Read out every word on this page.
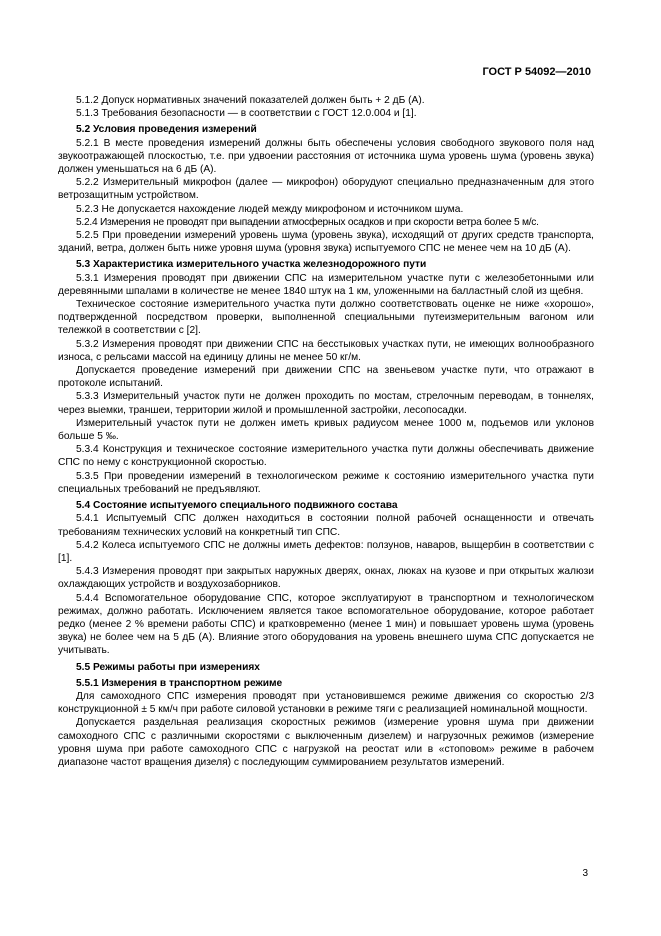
ГОСТ Р 54092—2010

5.1.2 Допуск нормативных значений показателей должен быть + 2 дБ (А).

5.1.3 Требования безопасности — в соответствии с ГОСТ 12.0.004 и [1].

5.2 Условия проведения измерений

5.2.1 В месте проведения измерений должны быть обеспечены условия свободного звукового поля над звукоотражающей плоскостью, т.е. при удвоении расстояния от источника шума уровень шума (уровень звука) должен уменьшаться на 6 дБ (А).

5.2.2 Измерительный микрофон (далее — микрофон) оборудуют специально предназначенным для этого ветрозащитным устройством.

5.2.3 Не допускается нахождение людей между микрофоном и источником шума.

5.2.4 Измерения не проводят при выпадении атмосферных осадков и при скорости ветра более 5 м/с.

5.2.5 При проведении измерений уровень шума (уровень звука), исходящий от других средств транспорта, зданий, ветра, должен быть ниже уровня шума (уровня звука) испытуемого СПС не менее чем на 10 дБ (А).

5.3 Характеристика измерительного участка железнодорожного пути

5.3.1 Измерения проводят при движении СПС на измерительном участке пути с железобетонными или деревянными шпалами в количестве не менее 1840 штук на 1 км, уложенными на балластный слой из щебня.

Техническое состояние измерительного участка пути должно соответствовать оценке не ниже «хорошо», подтвержденной посредством проверки, выполненной специальными путеизмерительным вагоном или тележкой в соответствии с [2].

5.3.2 Измерения проводят при движении СПС на бесстыковых участках пути, не имеющих волнообразного износа, с рельсами массой на единицу длины не менее 50 кг/м.

Допускается проведение измерений при движении СПС на звеньевом участке пути, что отражают в протоколе испытаний.

5.3.3 Измерительный участок пути не должен проходить по мостам, стрелочным переводам, в тоннелях, через выемки, траншеи, территории жилой и промышленной застройки, лесопосадки.

Измерительный участок пути не должен иметь кривых радиусом менее 1000 м, подъемов или уклонов больше 5 ‰.

5.3.4 Конструкция и техническое состояние измерительного участка пути должны обеспечивать движение СПС по нему с конструкционной скоростью.

5.3.5 При проведении измерений в технологическом режиме к состоянию измерительного участка пути специальных требований не предъявляют.

5.4 Состояние испытуемого специального подвижного состава

5.4.1 Испытуемый СПС должен находиться в состоянии полной рабочей оснащенности и отвечать требованиям технических условий на конкретный тип СПС.

5.4.2 Колеса испытуемого СПС не должны иметь дефектов: ползунов, наваров, выщербин в соответствии с [1].

5.4.3 Измерения проводят при закрытых наружных дверях, окнах, люках на кузове и при открытых жалюзи охлаждающих устройств и воздухозаборников.

5.4.4 Вспомогательное оборудование СПС, которое эксплуатируют в транспортном и технологическом режимах, должно работать. Исключением является такое вспомогательное оборудование, которое работает редко (менее 2 % времени работы СПС) и кратковременно (менее 1 мин) и повышает уровень шума (уровень звука) не более чем на 5 дБ (А). Влияние этого оборудования на уровень внешнего шума СПС допускается не учитывать.

5.5 Режимы работы при измерениях

5.5.1 Измерения в транспортном режиме

Для самоходного СПС измерения проводят при установившемся режиме движения со скоростью 2/3 конструкционной ± 5 км/ч при работе силовой установки в режиме тяги с реализацией номинальной мощности.

Допускается раздельная реализация скоростных режимов (измерение уровня шума при движении самоходного СПС с различными скоростями с выключенным дизелем) и нагрузочных режимов (измерение уровня шума при работе самоходного СПС с нагрузкой на реостат или в «стоповом» режиме в рабочем диапазоне частот вращения дизеля) с последующим суммированием результатов измерений.

3
